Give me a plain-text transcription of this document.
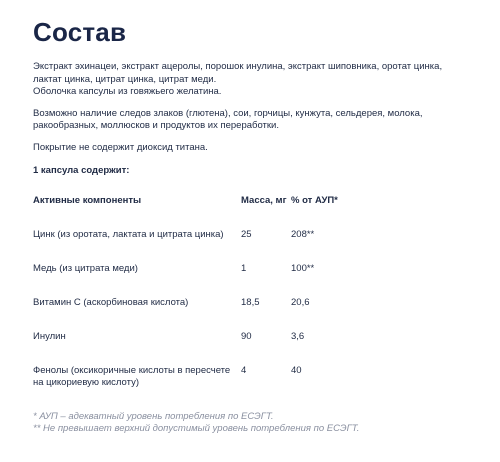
Состав

Экстракт эхинацеи, экстракт ацеролы, порошок инулина, экстракт шиповника, оротат цинка, лактат цинка, цитрат цинка, цитрат меди.
Оболочка капсулы из говяжьего желатина.

Возможно наличие следов злаков (глютена), сои, горчицы, кунжута, сельдерея, молока, ракообразных, моллюсков и продуктов их переработки.

Покрытие не содержит диоксид титана.

1 капсула содержит:

Активные компоненты	Масса, мг	% от АУП*
Цинк (из оротата, лактата и цитрата цинка)	25	208**
Медь (из цитрата меди)	1	100**
Витамин С (аскорбиновая кислота)	18,5	20,6
Инулин	90	3,6
Фенолы (оксикоричные кислоты в пересчете на цикориевую кислоту)	4	40

* АУП – адекватный уровень потребления по ЕСЭГТ.

** Не превышает верхний допустимый уровень потребления по ЕСЭГТ.
